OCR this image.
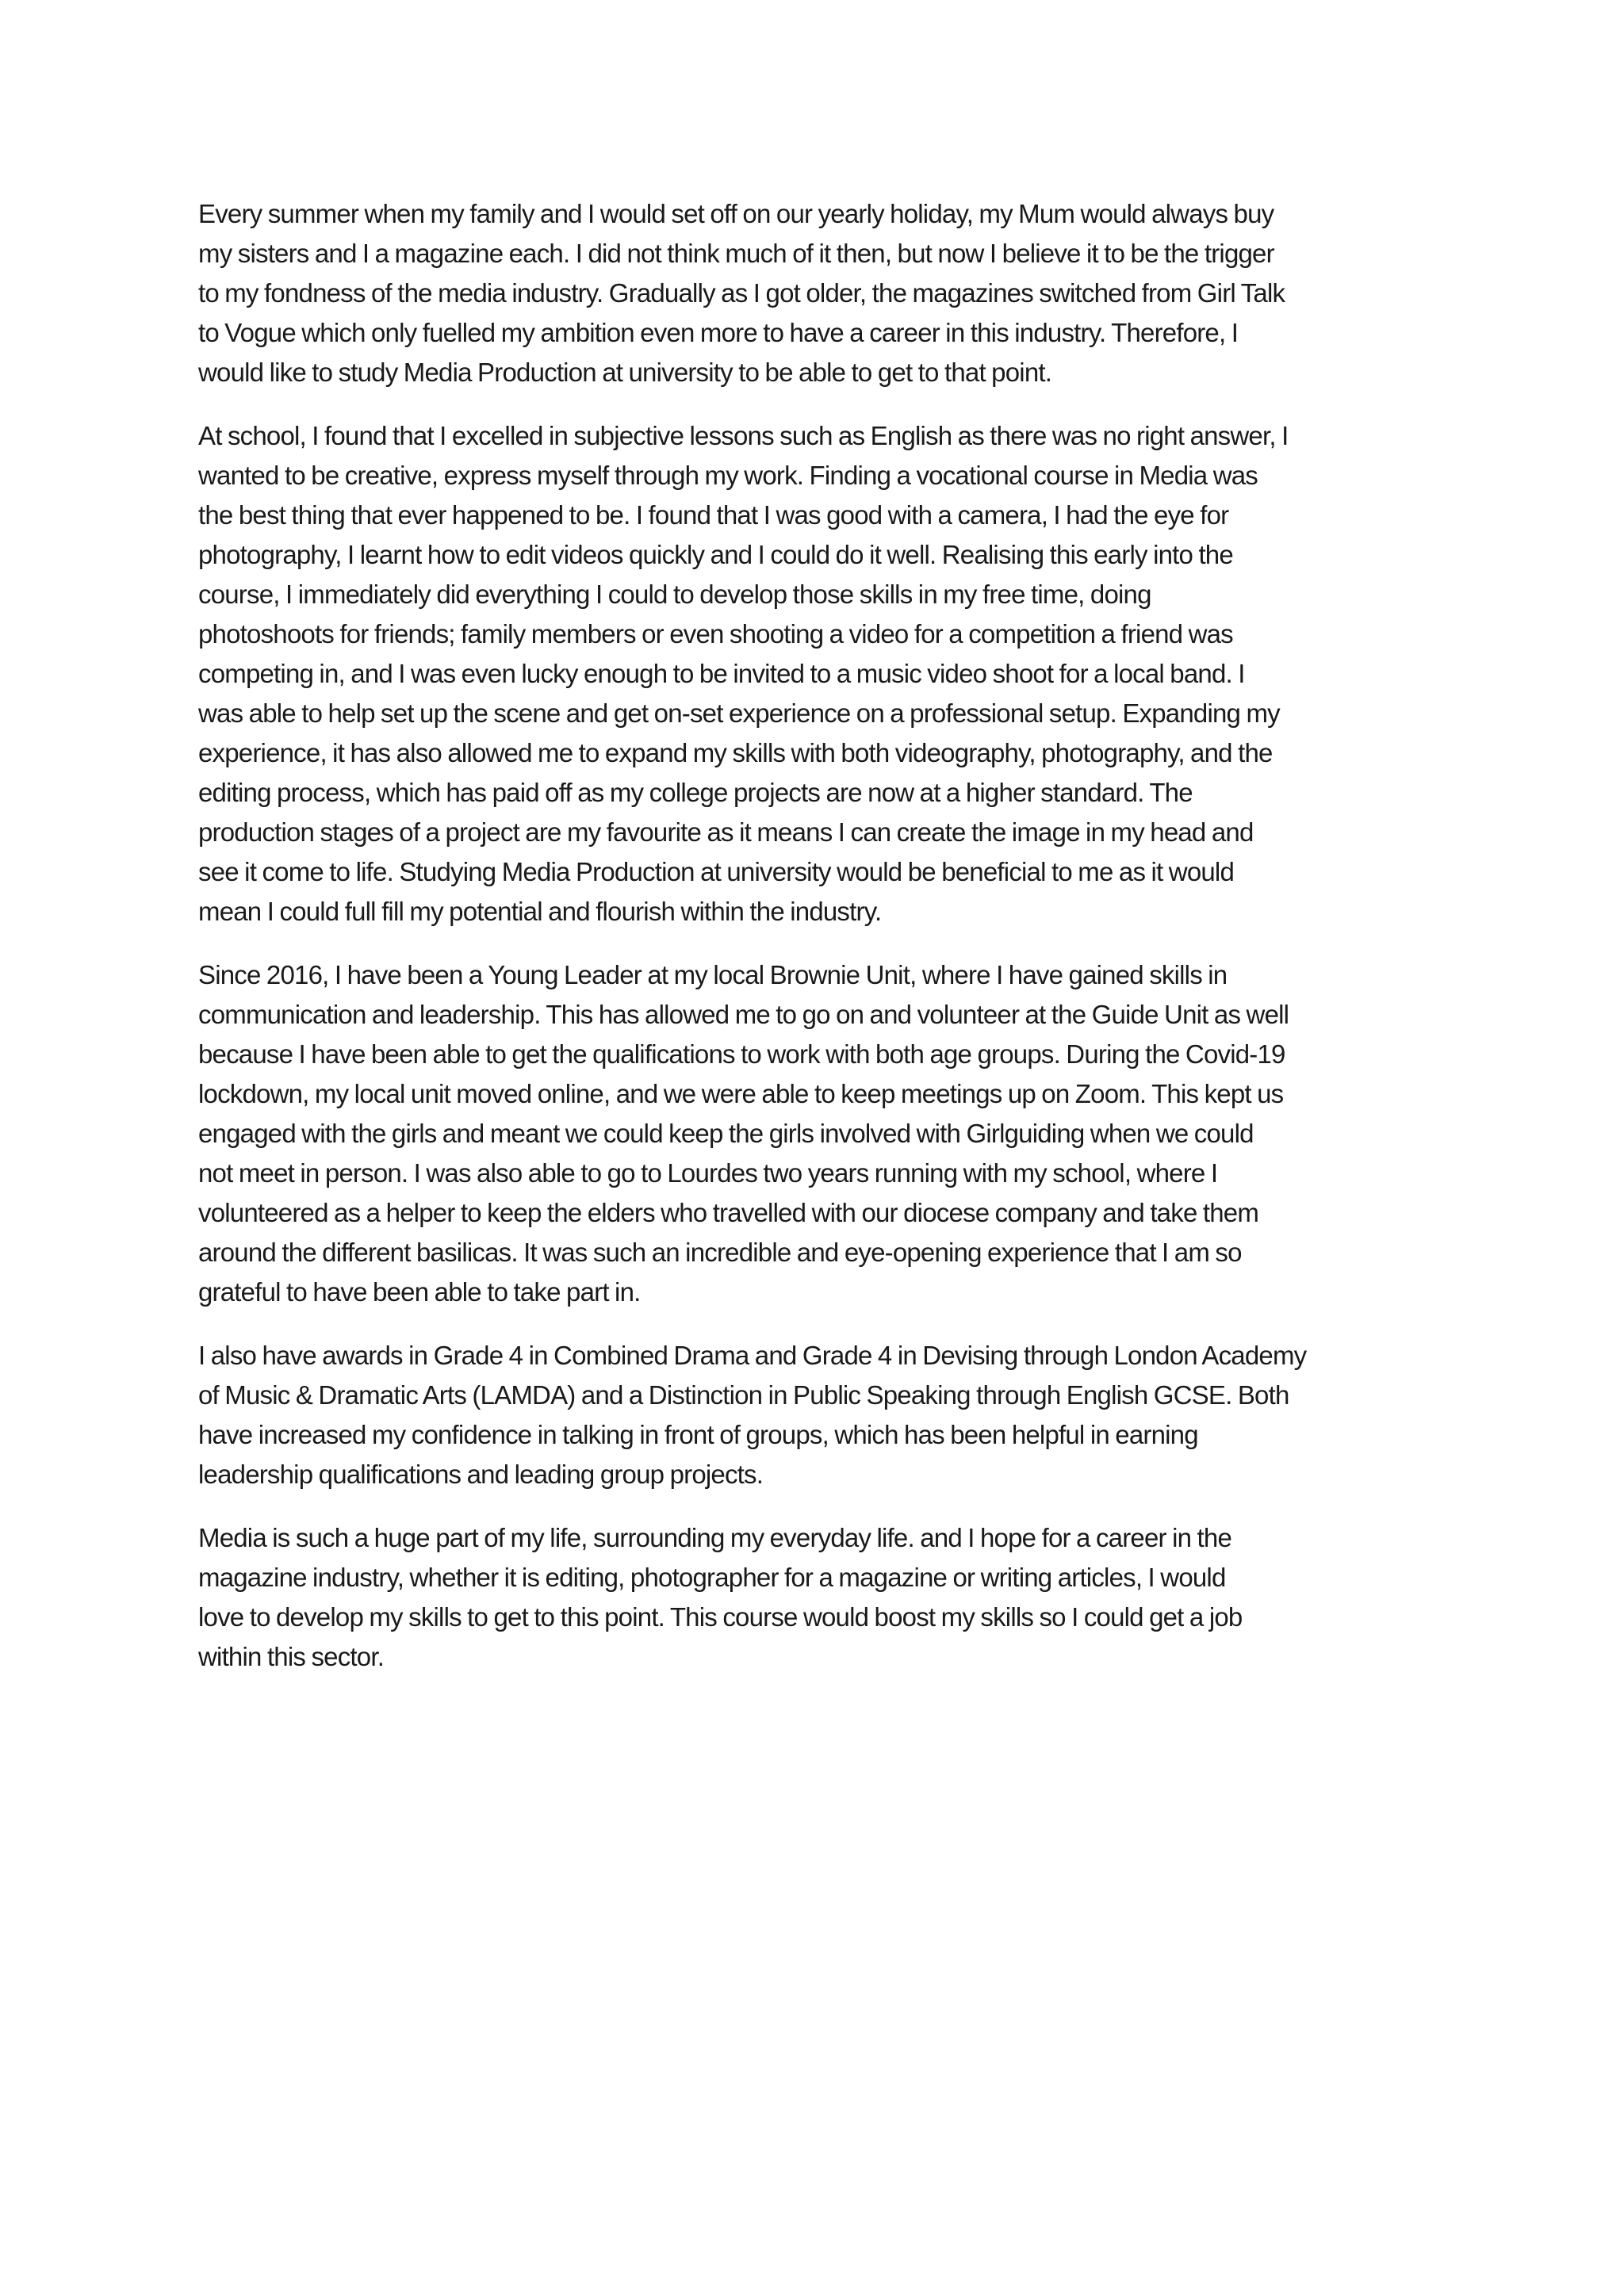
Every summer when my family and I would set off on our yearly holiday, my Mum would always buy
my sisters and I a magazine each. I did not think much of it then, but now I believe it to be the trigger
to my fondness of the media industry. Gradually as I got older, the magazines switched from Girl Talk
to Vogue which only fuelled my ambition even more to have a career in this industry. Therefore, I
would like to study Media Production at university to be able to get to that point.
At school, I found that I excelled in subjective lessons such as English as there was no right answer, I
wanted to be creative, express myself through my work. Finding a vocational course in Media was
the best thing that ever happened to be. I found that I was good with a camera, I had the eye for
photography, I learnt how to edit videos quickly and I could do it well. Realising this early into the
course, I immediately did everything I could to develop those skills in my free time, doing
photoshoots for friends; family members or even shooting a video for a competition a friend was
competing in, and I was even lucky enough to be invited to a music video shoot for a local band. I
was able to help set up the scene and get on-set experience on a professional setup. Expanding my
experience, it has also allowed me to expand my skills with both videography, photography, and the
editing process, which has paid off as my college projects are now at a higher standard. The
production stages of a project are my favourite as it means I can create the image in my head and
see it come to life. Studying Media Production at university would be beneficial to me as it would
mean I could full fill my potential and flourish within the industry.
Since 2016, I have been a Young Leader at my local Brownie Unit, where I have gained skills in
communication and leadership. This has allowed me to go on and volunteer at the Guide Unit as well
because I have been able to get the qualifications to work with both age groups. During the Covid-19
lockdown, my local unit moved online, and we were able to keep meetings up on Zoom. This kept us
engaged with the girls and meant we could keep the girls involved with Girlguiding when we could
not meet in person. I was also able to go to Lourdes two years running with my school, where I
volunteered as a helper to keep the elders who travelled with our diocese company and take them
around the different basilicas. It was such an incredible and eye-opening experience that I am so
grateful to have been able to take part in.
I also have awards in Grade 4 in Combined Drama and Grade 4 in Devising through London Academy
of Music & Dramatic Arts (LAMDA) and a Distinction in Public Speaking through English GCSE. Both
have increased my confidence in talking in front of groups, which has been helpful in earning
leadership qualifications and leading group projects.
Media is such a huge part of my life, surrounding my everyday life. and I hope for a career in the
magazine industry, whether it is editing, photographer for a magazine or writing articles, I would
love to develop my skills to get to this point. This course would boost my skills so I could get a job
within this sector.
